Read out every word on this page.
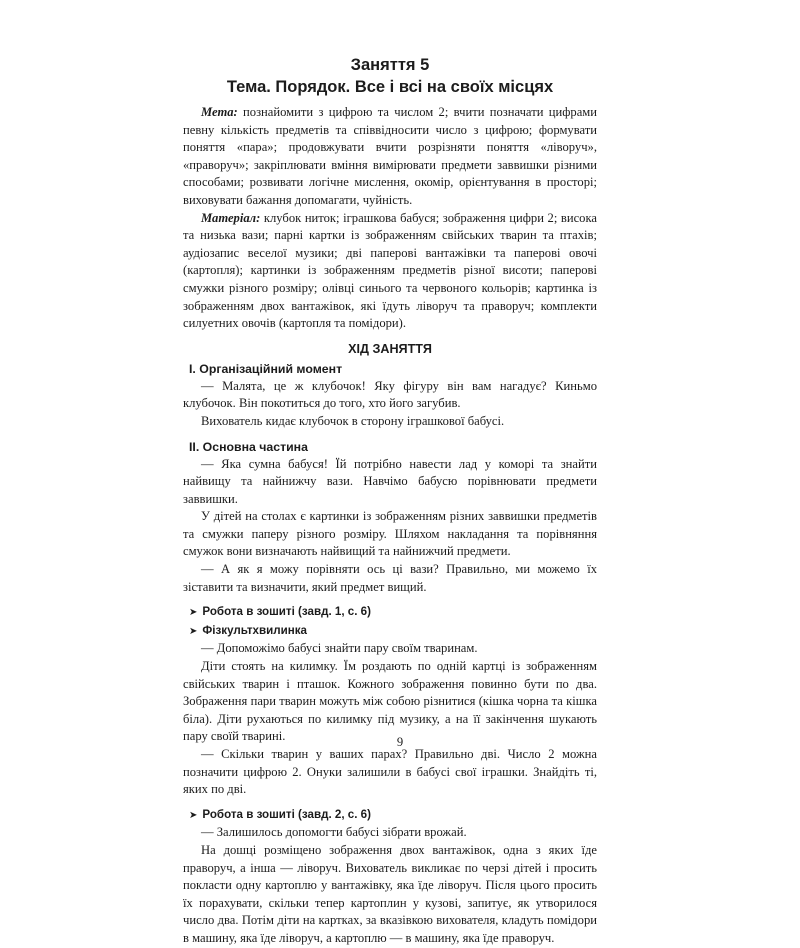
Заняття 5
Тема. Порядок. Все і всі на своїх місцях

Мета: познайомити з цифрою та числом 2; вчити позначати цифрами певну кількість предметів та співвідносити число з цифрою; формувати поняття «пара»; продовжувати вчити розрізняти поняття «ліворуч», «праворуч»; закріплювати вміння вимірювати предмети заввишки різними способами; розвивати логічне мислення, окомір, орієнтування в просторі; виховувати бажання допомагати, чуйність.

Матеріал: клубок ниток; іграшкова бабуся; зображення цифри 2; висока та низька вази; парні картки із зображенням свійських тварин та птахів; аудіозапис веселої музики; дві паперові вантажівки та паперові овочі (картопля); картинки із зображенням предметів різної висоти; паперові смужки різного розміру; олівці синього та червоного кольорів; картинка із зображенням двох вантажівок, які їдуть ліворуч та праворуч; комплекти силуетних овочів (картопля та помідори).

ХІД ЗАНЯТТЯ
І. Організаційний момент

— Малята, це ж клубочок! Яку фігуру він вам нагадує? Киньмо клубочок. Він покотиться до того, хто його загубив.

Вихователь кидає клубочок в сторону іграшкової бабусі.

ІІ. Основна частина

— Яка сумна бабуся! Їй потрібно навести лад у коморі та знайти найвищу та найнижчу вази. Навчімо бабусю порівнювати предмети заввишки.

У дітей на столах є картинки із зображенням різних заввишки предметів та смужки паперу різного розміру. Шляхом накладання та порівняння смужок вони визначають найвищий та найнижчий предмети.

— А як я можу порівняти ось ці вази? Правильно, ми можемо їх зіставити та визначити, який предмет вищий.

➤ Робота в зошиті (завд. 1, с. 6)
➤ Фізкультхвилинка

— Допоможімо бабусі знайти пару своїм тваринам.

Діти стоять на килимку. Їм роздають по одній картці із зображенням свійських тварин і пташок. Кожного зображення повинно бути по два. Зображення пари тварин можуть між собою різнитися (кішка чорна та кішка біла). Діти рухаються по килимку під музику, а на її закінчення шукають пару своїй тварині.

— Скільки тварин у ваших парах? Правильно дві. Число 2 можна позначити цифрою 2. Онуки залишили в бабусі свої іграшки. Знайдіть ті, яких по дві.

➤ Робота в зошиті (завд. 2, с. 6)

— Залишилось допомогти бабусі зібрати врожай.

На дошці розміщено зображення двох вантажівок, одна з яких їде праворуч, а інша — ліворуч. Вихователь викликає по черзі дітей і просить покласти одну картоплю у вантажівку, яка їде ліворуч. Після цього просить їх порахувати, скільки тепер картоплин у кузові, запитує, як утворилося число два. Потім діти на картках, за вказівкою вихователя, кладуть помідори в машину, яка їде ліворуч, а картоплю — в машину, яка їде праворуч.

9
